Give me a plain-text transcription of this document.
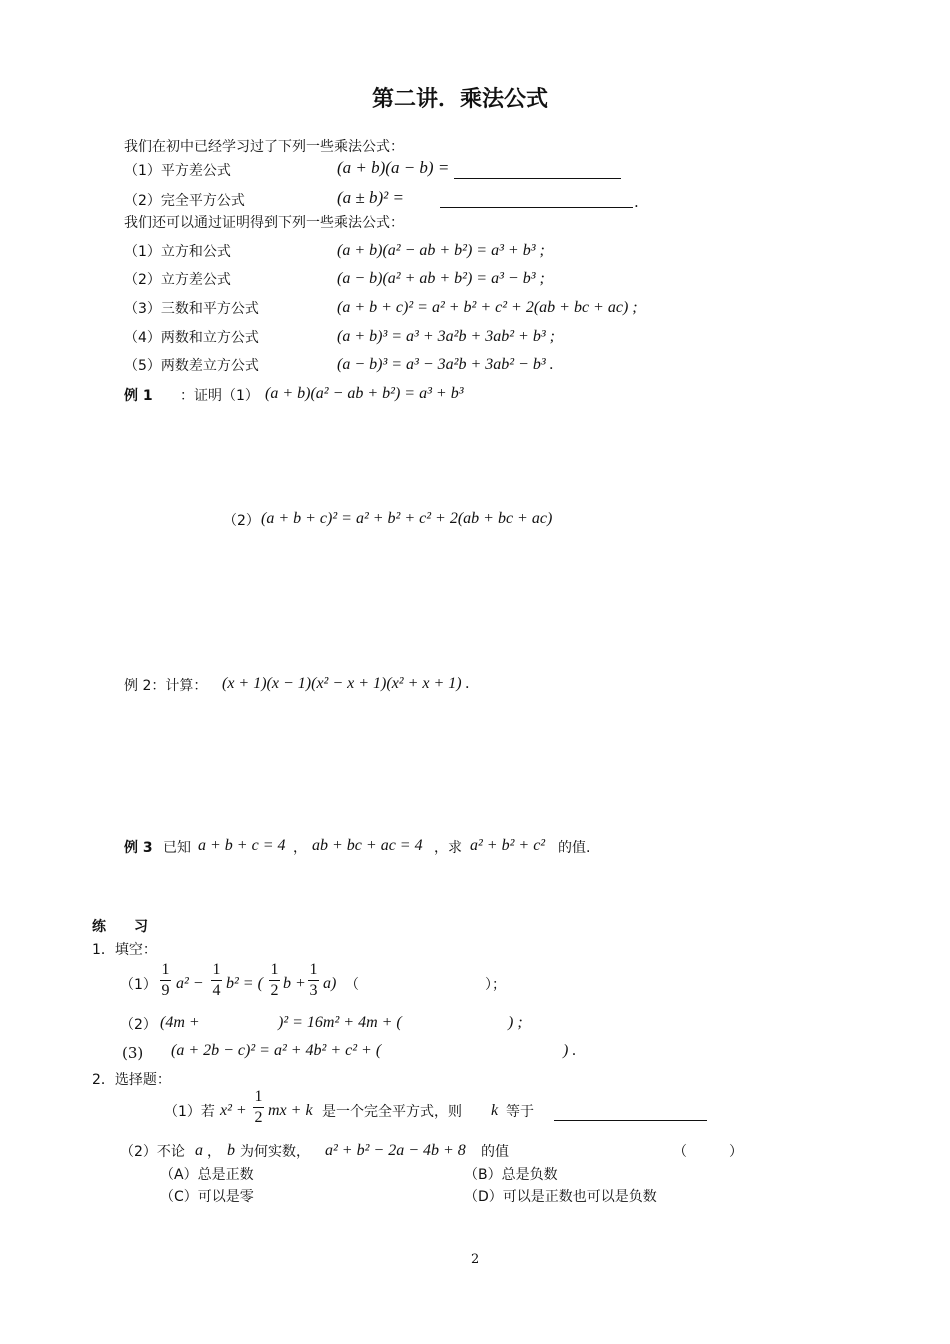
第二讲．乘法公式
我们在初中已经学习过了下列一些乘法公式：
（1）平方差公式	(a + b)(a − b) =
（2）完全平方公式	(a ± b)² =	.
我们还可以通过证明得到下列一些乘法公式：
（1）立方和公式	(a + b)(a² − ab + b²) = a³ + b³ ;
（2）立方差公式	(a − b)(a² + ab + b²) = a³ − b³ ;
（3）三数和平方公式	(a + b + c)² = a² + b² + c² + 2(ab + bc + ac) ;
（4）两数和立方公式	(a + b)³ = a³ + 3a²b + 3ab² + b³ ;
（5）两数差立方公式	(a − b)³ = a³ − 3a²b + 3ab² − b³ .
例 1 ：证明（1） (a + b)(a² − ab + b²) = a³ + b³
（2） (a + b + c)² = a² + b² + c² + 2(ab + bc + ac)
例 2：计算： (x + 1)(x − 1)(x² − x + 1)(x² + x + 1) .
例 3 已知 a + b + c = 4 ， ab + bc + ac = 4 ，求 a² + b² + c² 的值.
练　　习
1．填空：
（1）
1
9 a² −
1
4 b² = (
1
2 b +
1
3 a) （　　　　　　　　　）；
（2） (4m +	)² = 16m² + 4m + (	) ;
(3) (a + 2b − c)² = a² + 4b² + c² + (	) .
2．选择题：
（1）若 x² +
1
2 mx + k 是一个完全平方式，则 k 等于
（2）不论 a ， b 为何实数， a² + b² − 2a − 4b + 8 的值	（　　　）
（A）总是正数	（B）总是负数
（C）可以是零	（D）可以是正数也可以是负数
2
